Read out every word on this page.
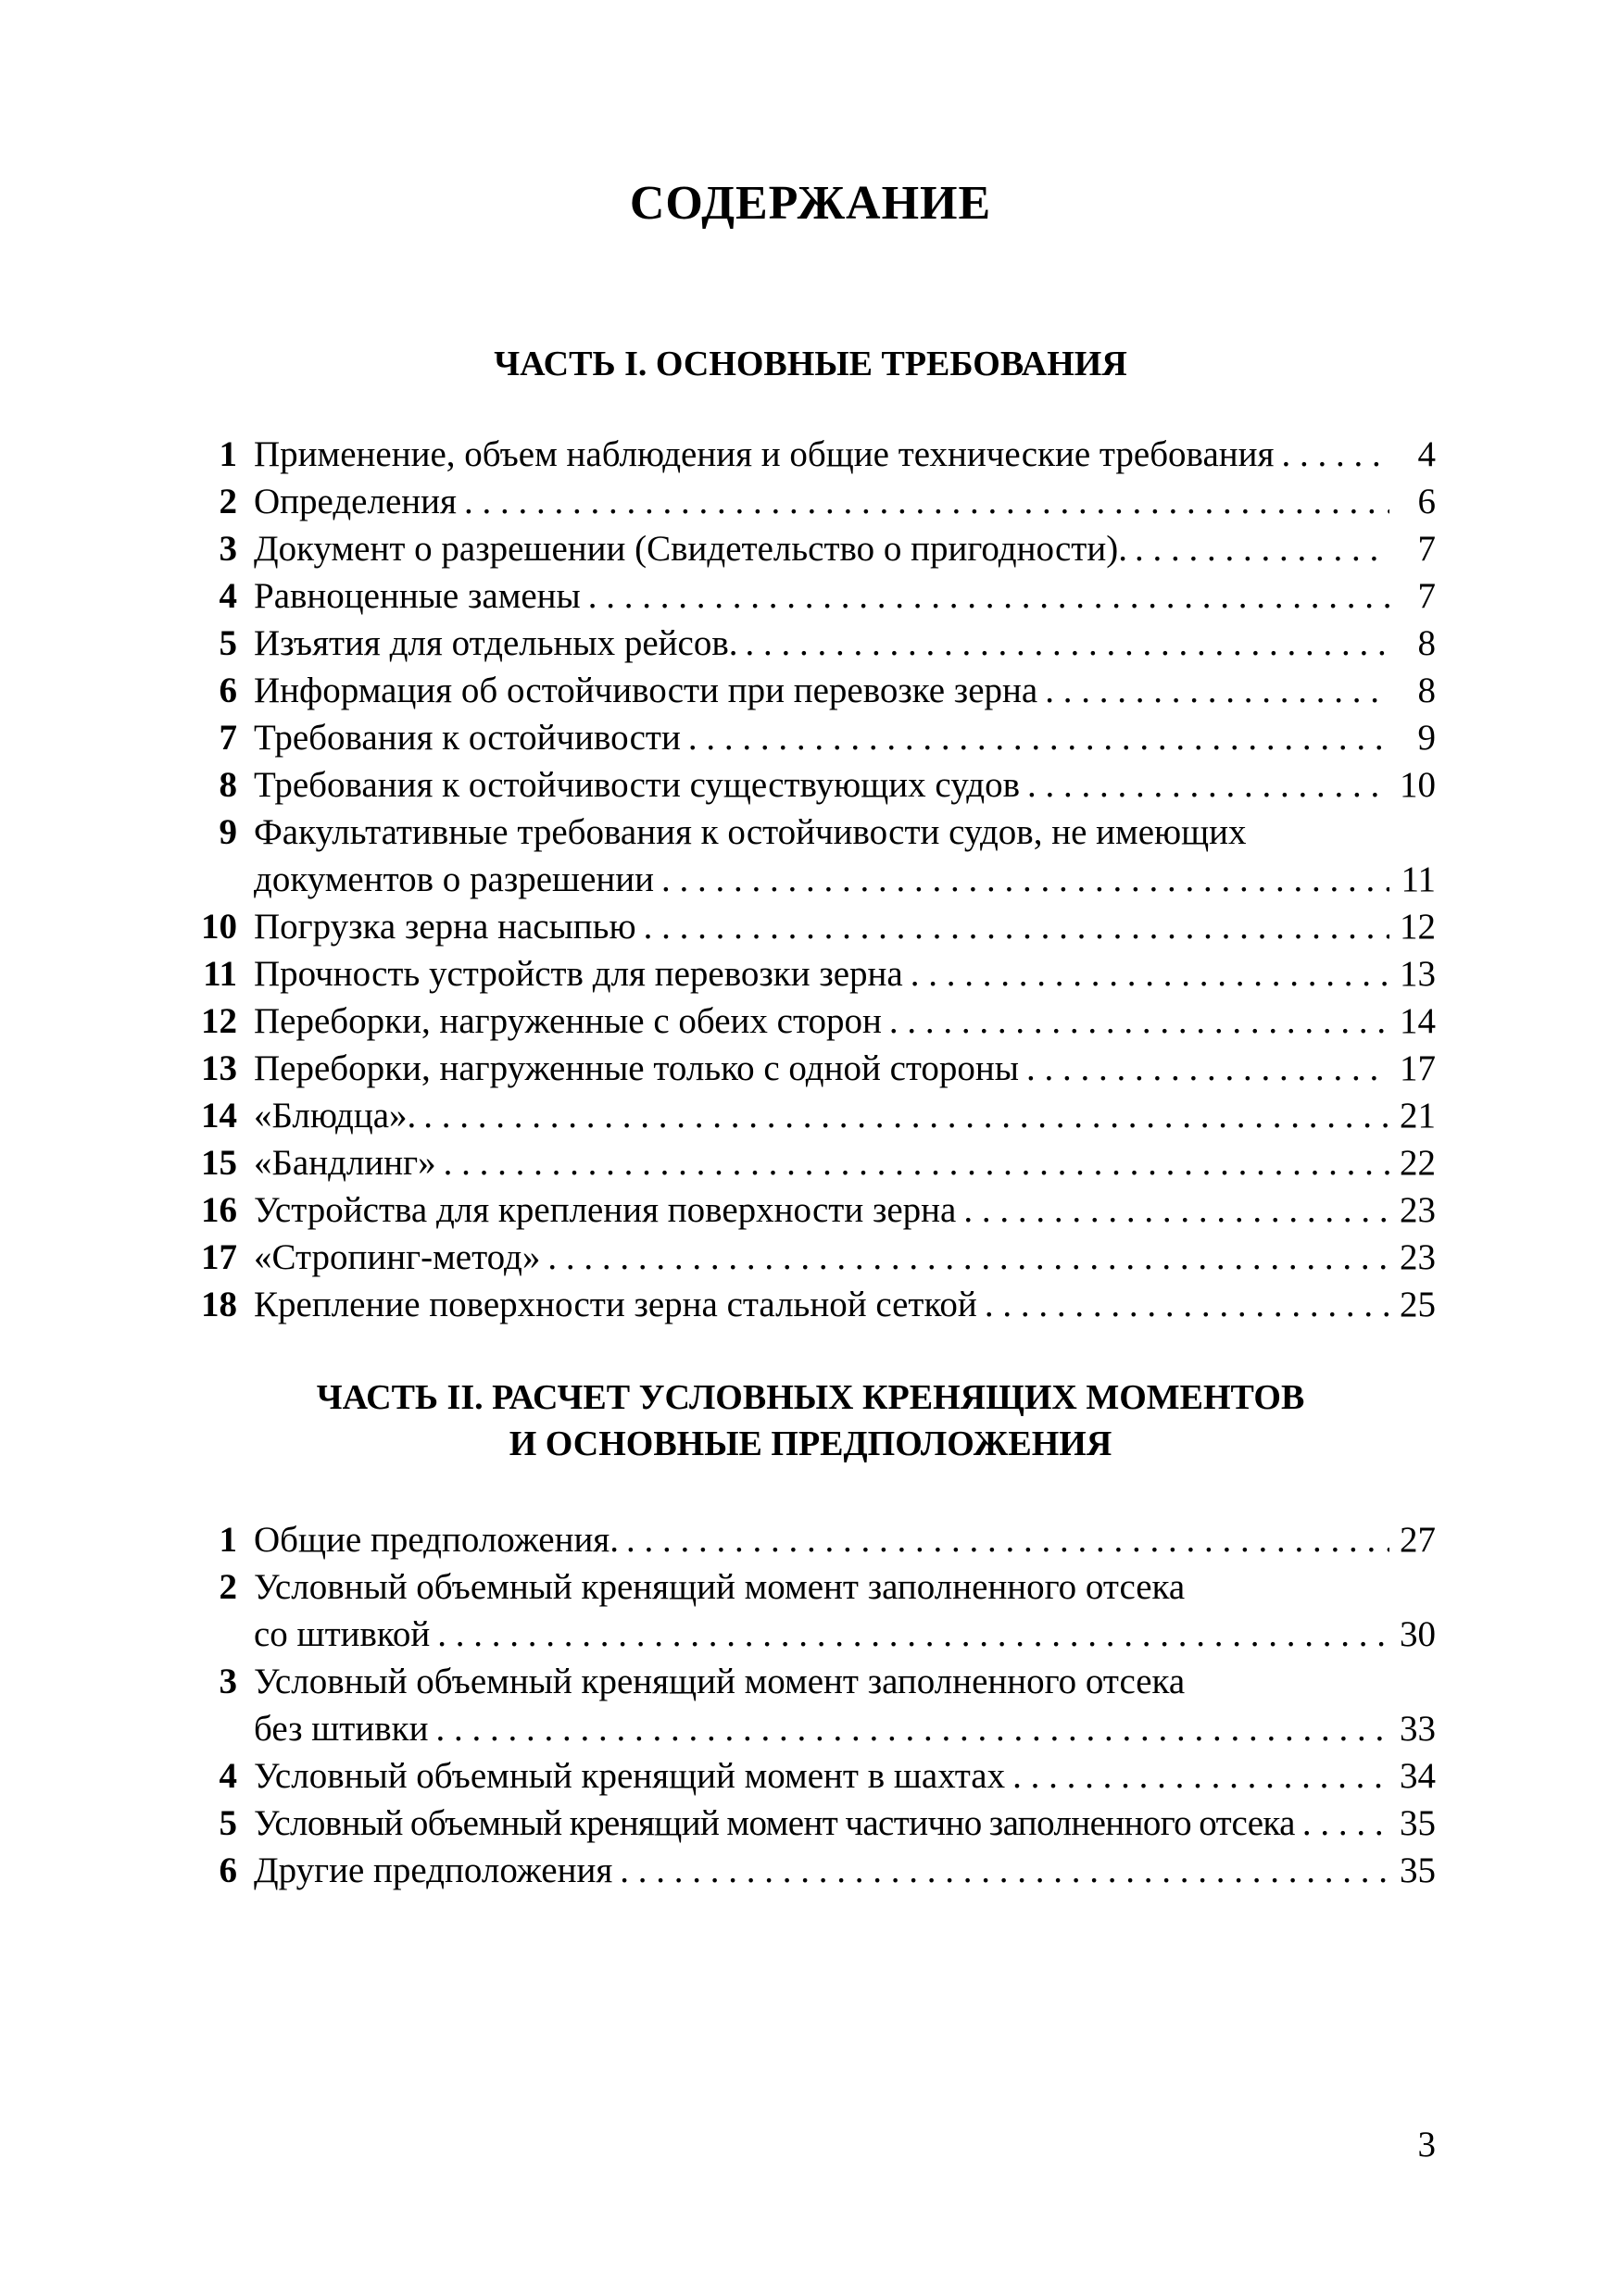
СОДЕРЖАНИЕ
ЧАСТЬ I. ОСНОВНЫЕ ТРЕБОВАНИЯ
1 Применение, объем наблюдения и общие технические требования . . .	4
2 Определения . . .	6
3 Документ о разрешении (Свидетельство о пригодности). . . .	7
4 Равноценные замены . . .	7
5 Изъятия для отдельных рейсов. . . .	8
6 Информация об остойчивости при перевозке зерна . . .	8
7 Требования к остойчивости . . .	9
8 Требования к остойчивости существующих судов . . .	10
9 Факультативные требования к остойчивости судов, не имеющих
документов о разрешении . . .	11
10 Погрузка зерна насыпью . . .	12
11 Прочность устройств для перевозки зерна . . .	13
12 Переборки, нагруженные с обеих сторон . . .	14
13 Переборки, нагруженные только с одной стороны . . .	17
14 «Блюдца». . . .	21
15 «Бандлинг» . . .	22
16 Устройства для крепления поверхности зерна . . .	23
17 «Стропинг-метод» . . .	23
18 Крепление поверхности зерна стальной сеткой . . .	25
ЧАСТЬ II. РАСЧЕТ УСЛОВНЫХ КРЕНЯЩИХ МОМЕНТОВ
И ОСНОВНЫЕ ПРЕДПОЛОЖЕНИЯ
1 Общие предположения. . . .	27
2 Условный объемный кренящий момент заполненного отсека
со штивкой . . .	30
3 Условный объемный кренящий момент заполненного отсека
без штивки . . .	33
4 Условный объемный кренящий момент в шахтах . . .	34
5 Условный объемный кренящий момент частично заполненного отсека . . .	35
6 Другие предположения . . .	35
3
